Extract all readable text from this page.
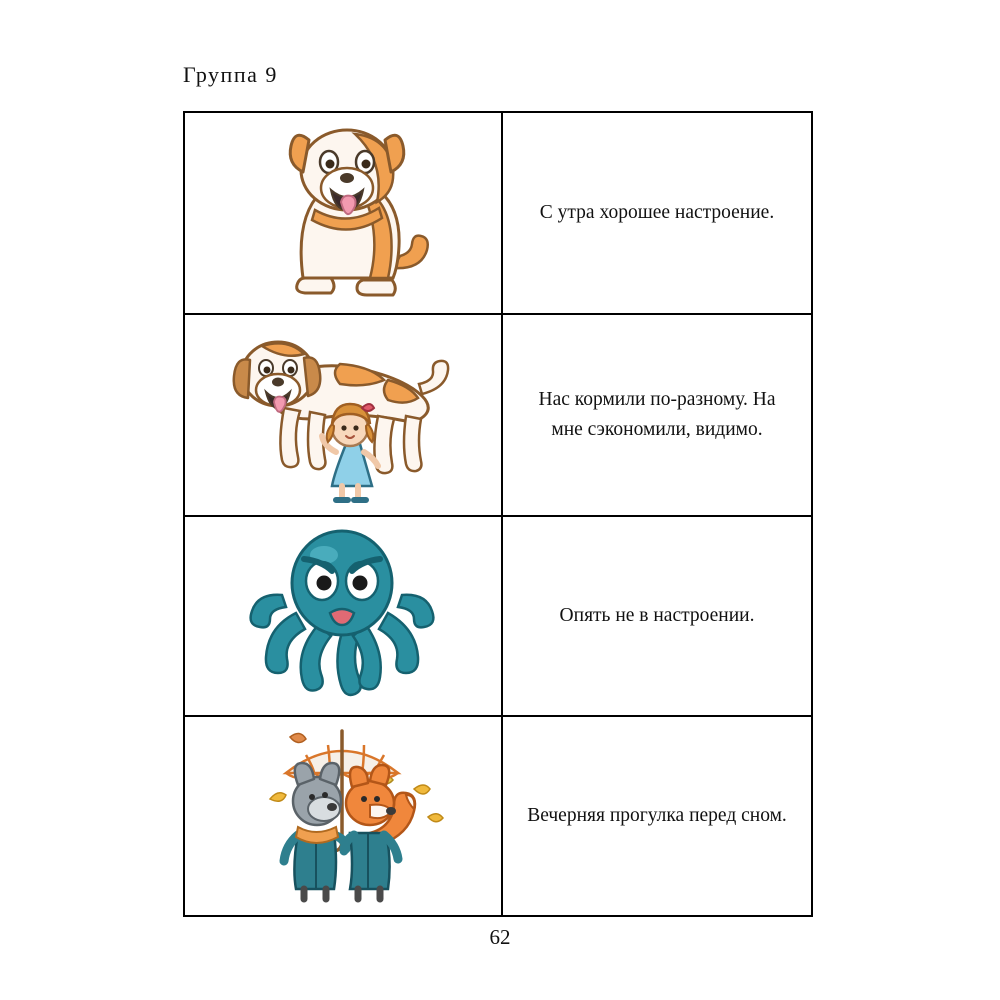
Группа 9
С утра хорошее настроение.
Нас кормили по-разному. На мне сэкономили, видимо.
Опять не в настроении.
Вечерняя прогулка перед сном.
62
